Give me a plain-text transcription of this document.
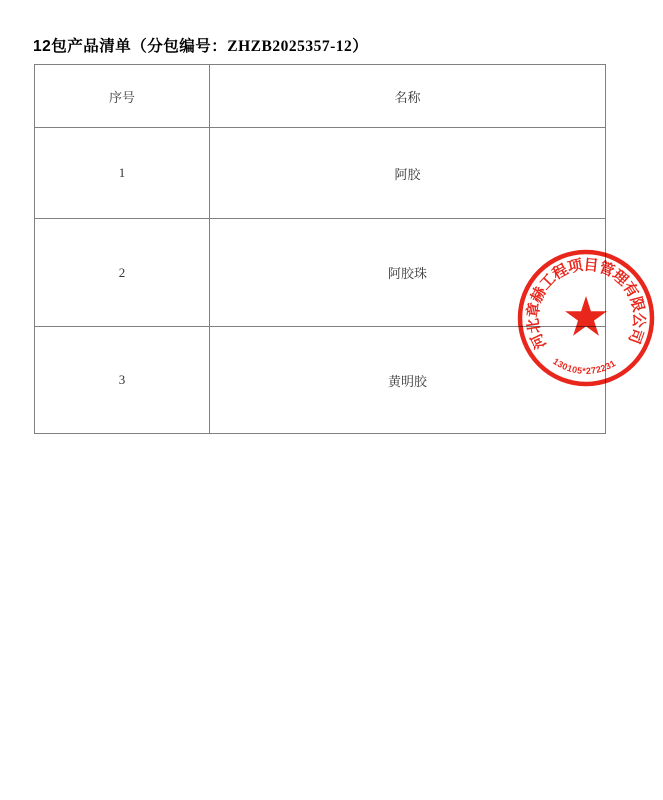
12包产品清单（分包编号：ZHZB2025357-12）
序号	名称
1	阿胶
2	阿胶珠
3	黄明胶
河北章赫工程项目管理有限公司
130105*272231
